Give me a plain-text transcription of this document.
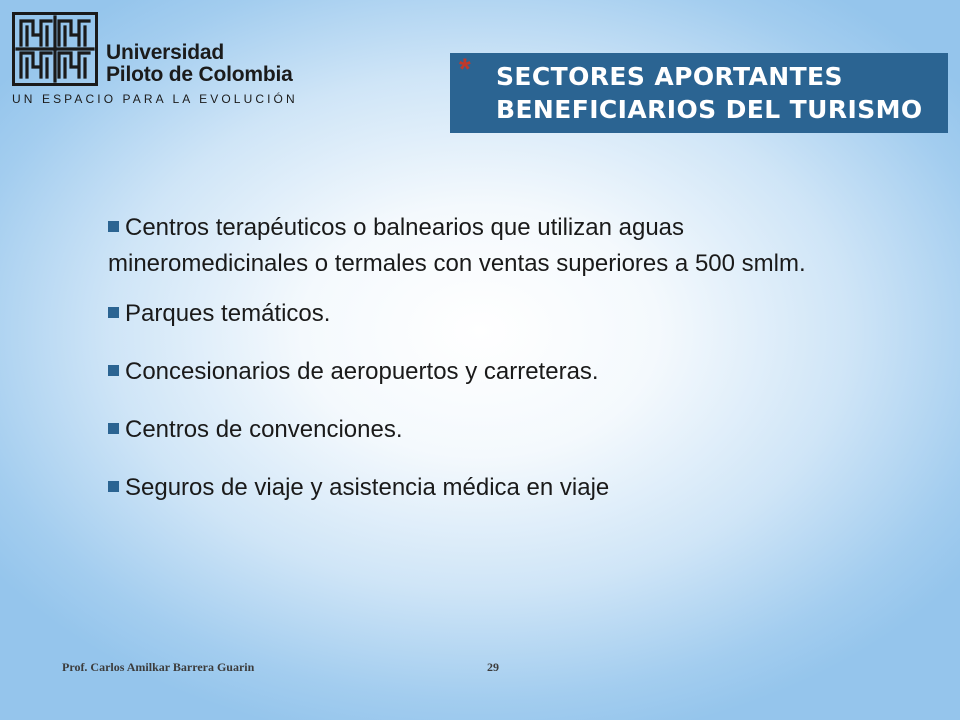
Universidad
Piloto de Colombia
UN ESPACIO PARA LA EVOLUCIÓN
* SECTORES APORTANTES
BENEFICIARIOS DEL TURISMO
Centros terapéuticos o balnearios que utilizan aguas mineromedicinales o termales con ventas superiores a 500 smlm.
Parques temáticos.
Concesionarios de aeropuertos y carreteras.
Centros de convenciones.
Seguros de viaje y asistencia médica en viaje
Prof. Carlos Amilkar Barrera Guarin	29
